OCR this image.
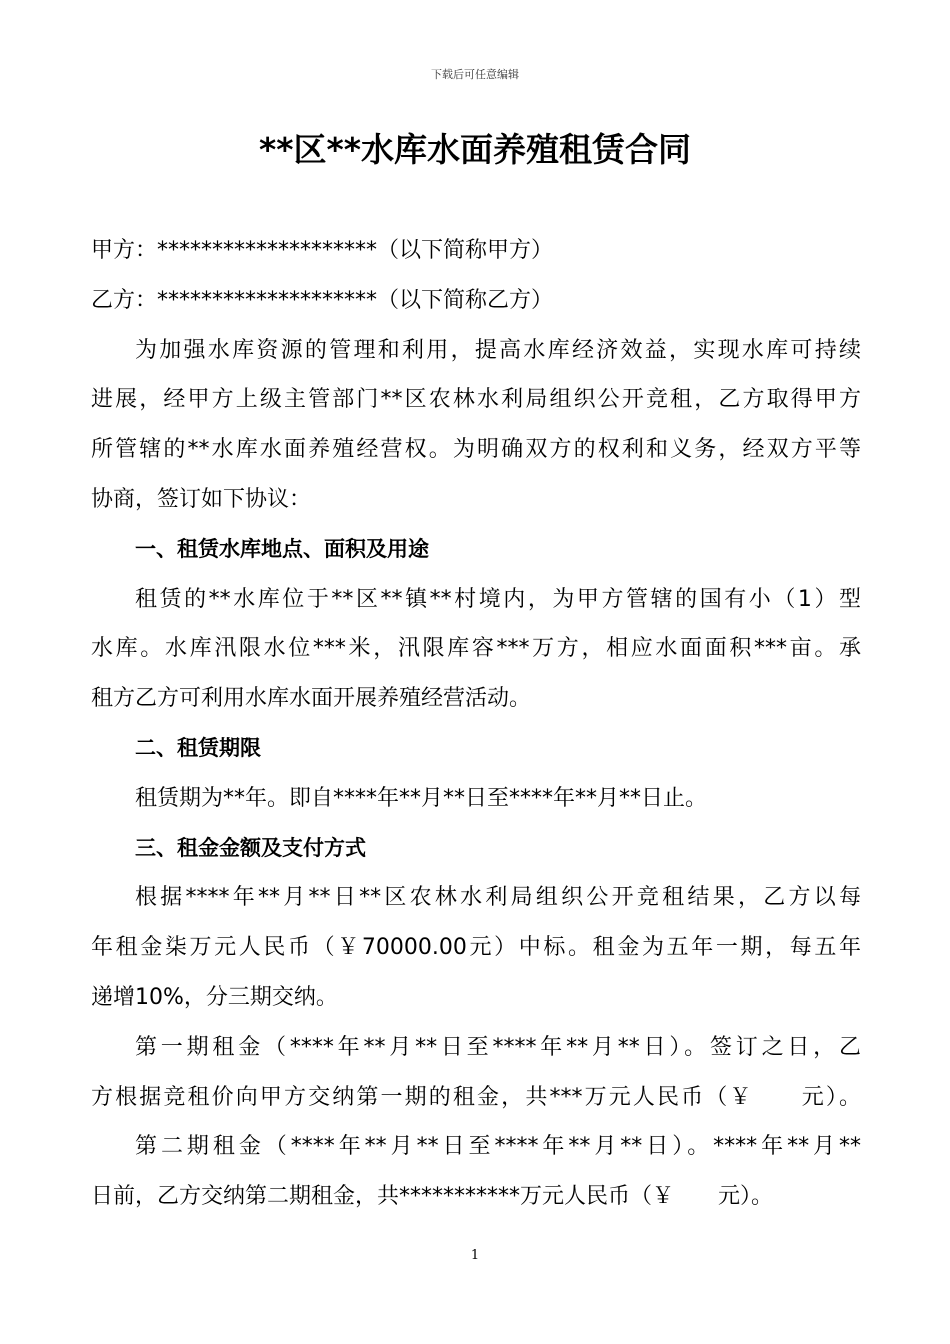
下载后可任意编辑
**区**水库水面养殖租赁合同
甲方：********************（以下简称甲方）
乙方：********************（以下简称乙方）
为加强水库资源的管理和利用，提高水库经济效益，实现水库可持续
进展，经甲方上级主管部门**区农林水利局组织公开竞租，乙方取得甲方
所管辖的**水库水面养殖经营权。为明确双方的权利和义务，经双方平等
协商，签订如下协议：
一、租赁水库地点、面积及用途
租赁的**水库位于**区**镇**村境内，为甲方管辖的国有小（1）型
水库。水库汛限水位***米，汛限库容***万方，相应水面面积***亩。承
租方乙方可利用水库水面开展养殖经营活动。
二、租赁期限
租赁期为**年。即自****年**月**日至****年**月**日止。
三、租金金额及支付方式
根据****年**月**日**区农林水利局组织公开竞租结果，乙方以每
年租金柒万元人民币（￥70000.00元）中标。租金为五年一期，每五年
递增10%，分三期交纳。
第一期租金（****年**月**日至****年**月**日）。签订之日，乙
方根据竞租价向甲方交纳第一期的租金，共***万元人民币（￥　　元）。
第二期租金（****年**月**日至****年**月**日）。****年**月**
日前，乙方交纳第二期租金，共***********万元人民币（￥　　元）。
1
